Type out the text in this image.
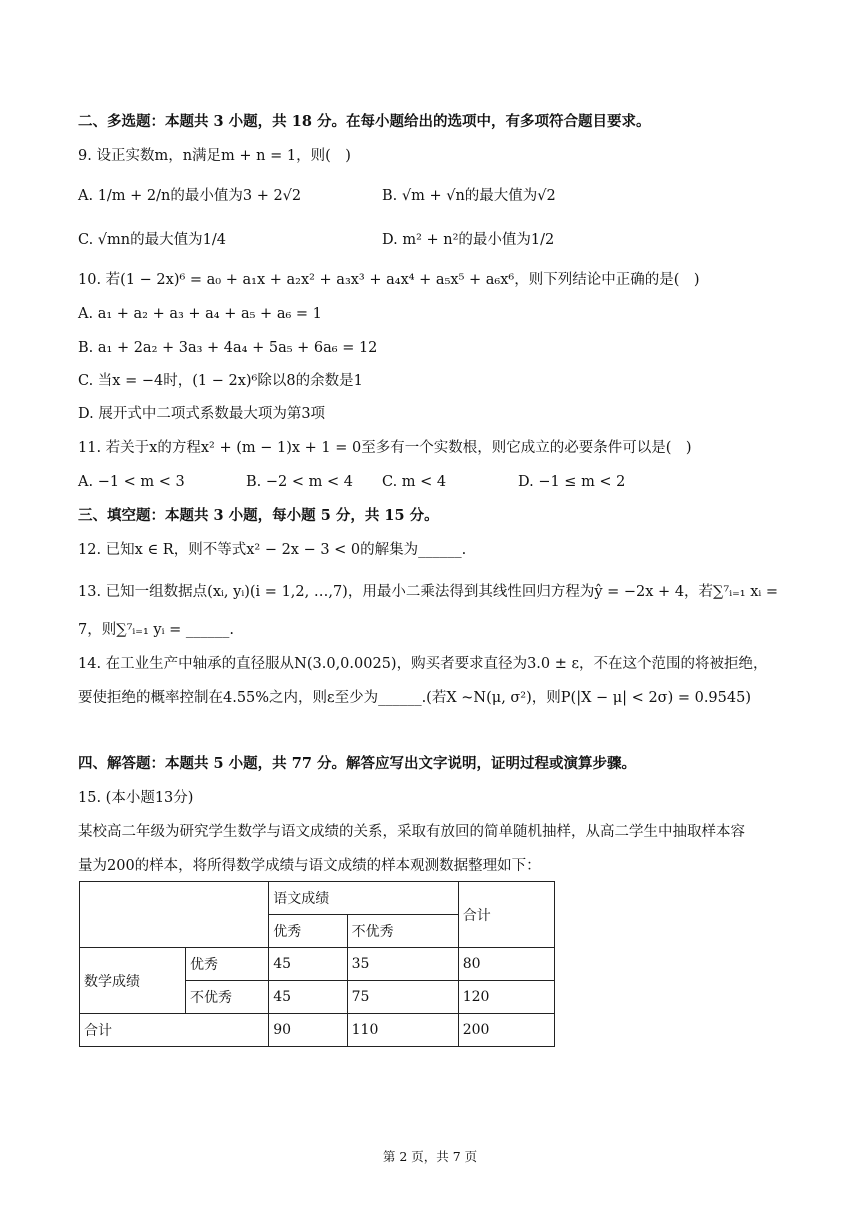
二、多选题：本题共 3 小题，共 18 分。在每小题给出的选项中，有多项符合题目要求。
9. 设正实数m，n满足m + n = 1，则(　)
A. 1/m + 2/n的最小值为3 + 2√2	B. √m + √n的最大值为√2
C. √mn的最大值为1/4	D. m² + n²的最小值为1/2
10. 若(1 − 2x)⁶ = a₀ + a₁x + a₂x² + a₃x³ + a₄x⁴ + a₅x⁵ + a₆x⁶，则下列结论中正确的是(　)
A. a₁ + a₂ + a₃ + a₄ + a₅ + a₆ = 1
B. a₁ + 2a₂ + 3a₃ + 4a₄ + 5a₅ + 6a₆ = 12
C. 当x = −4时，(1 − 2x)⁶除以8的余数是1
D. 展开式中二项式系数最大项为第3项
11. 若关于x的方程x² + (m − 1)x + 1 = 0至多有一个实数根，则它成立的必要条件可以是(　)
A. −1 < m < 3	B. −2 < m < 4 C. m < 4	D. −1 ≤ m < 2
三、填空题：本题共 3 小题，每小题 5 分，共 15 分。
12. 已知x ∈ R，则不等式x² − 2x − 3 < 0的解集为______.
13. 已知一组数据点(xᵢ, yᵢ)(i = 1,2, …,7)，用最小二乘法得到其线性回归方程为ŷ = −2x + 4，若∑⁷ᵢ₌₁ xᵢ =
7，则∑⁷ᵢ₌₁ yᵢ = ______.
14. 在工业生产中轴承的直径服从N(3.0,0.0025)，购买者要求直径为3.0 ± ε，不在这个范围的将被拒绝，
要使拒绝的概率控制在4.55%之内，则ε至少为______.(若X ~N(μ, σ²)，则P(|X − μ| < 2σ) = 0.9545)
四、解答题：本题共 5 小题，共 77 分。解答应写出文字说明，证明过程或演算步骤。
15. (本小题13分)
某校高二年级为研究学生数学与语文成绩的关系，采取有放回的简单随机抽样，从高二学生中抽取样本容
量为200的样本，将所得数学成绩与语文成绩的样本观测数据整理如下：
		语文成绩		合计
		优秀	不优秀	
数学成绩	优秀	45	35	80
	不优秀	45	75	120
合计		90	110	200
第 2 页，共 7 页
